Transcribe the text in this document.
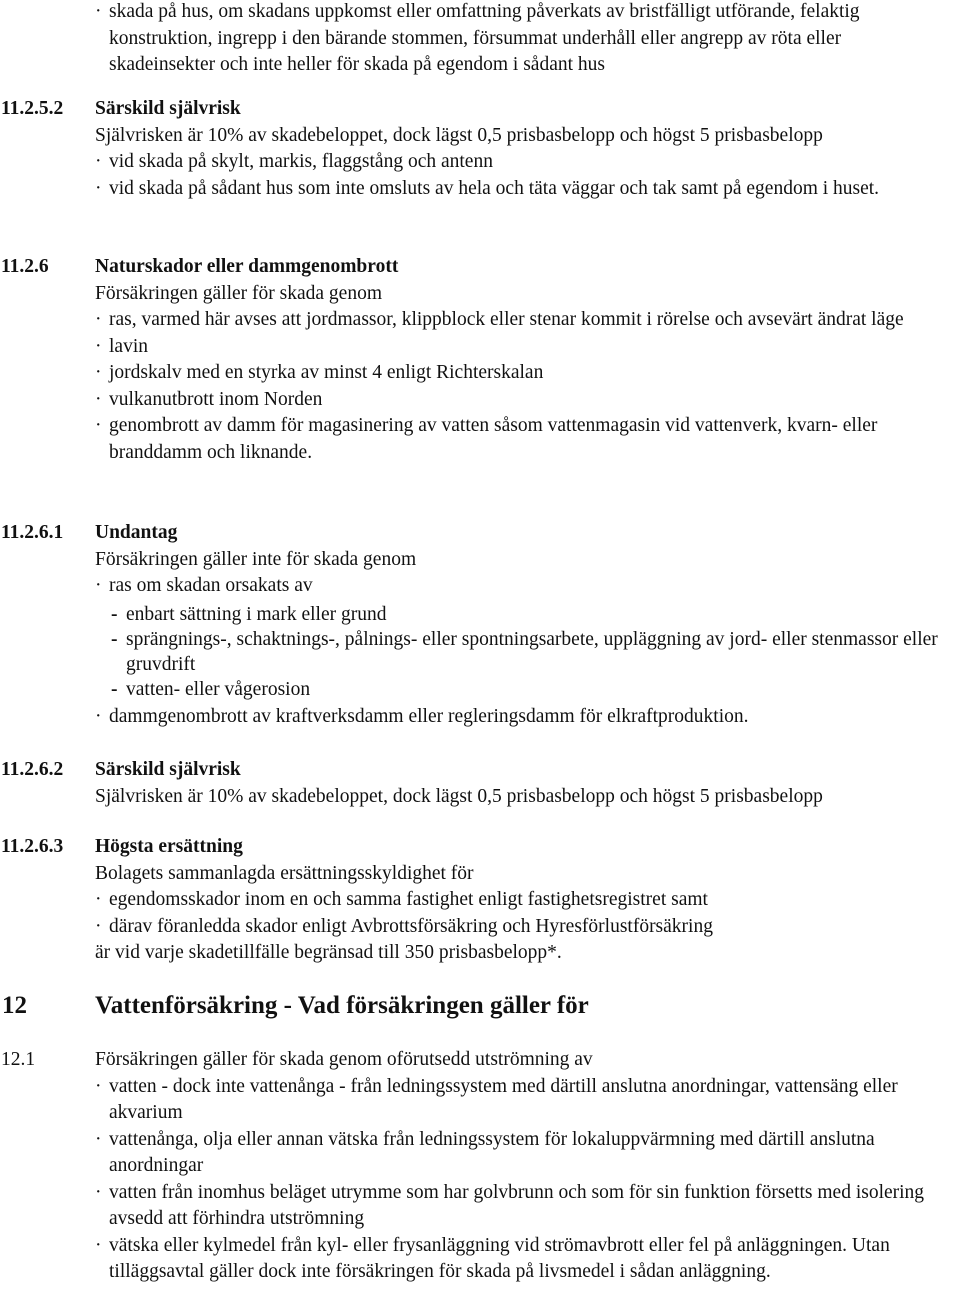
· skada på hus, om skadans uppkomst eller omfattning påverkats av bristfälligt utförande, felaktig konstruktion, ingrepp i den bärande stommen, försummat underhåll eller angrepp av röta eller skadeinsekter och inte heller för skada på egendom i sådant hus
11.2.5.2	Särskild självrisk
Självrisken är 10% av skadebeloppet, dock lägst 0,5 prisbasbelopp och högst 5 prisbasbelopp
· vid skada på skylt, markis, flaggstång och antenn
· vid skada på sådant hus som inte omsluts av hela och täta väggar och tak samt på egendom i huset.
11.2.6	Naturskador eller dammgenombrott
Försäkringen gäller för skada genom
· ras, varmed här avses att jordmassor, klippblock eller stenar kommit i rörelse och avsevärt ändrat läge
· lavin
· jordskalv med en styrka av minst 4 enligt Richterskalan
· vulkanutbrott inom Norden
· genombrott av damm för magasinering av vatten såsom vattenmagasin vid vattenverk, kvarn- eller branddamm och liknande.
11.2.6.1	Undantag
Försäkringen gäller inte för skada genom
· ras om skadan orsakats av
- enbart sättning i mark eller grund
- sprängnings-, schaktnings-, pålnings- eller spontningsarbete, uppläggning av jord- eller stenmassor eller gruvdrift
- vatten- eller vågerosion
· dammgenombrott av kraftverksdamm eller regleringsdamm för elkraftproduktion.
11.2.6.2	Särskild självrisk
Självrisken är 10% av skadebeloppet, dock lägst 0,5 prisbasbelopp och högst 5 prisbasbelopp
11.2.6.3	Högsta ersättning
Bolagets sammanlagda ersättningsskyldighet för
· egendomsskador inom en och samma fastighet enligt fastighetsregistret samt
· därav föranledda skador enligt Avbrottsförsäkring och Hyresförlustförsäkring
är vid varje skadetillfälle begränsad till 350 prisbasbelopp*.
12	Vattenförsäkring - Vad försäkringen gäller för
12.1	Försäkringen gäller för skada genom oförutsedd utströmning av
· vatten - dock inte vattenånga - från ledningssystem med därtill anslutna anordningar, vattensäng eller akvarium
· vattenånga, olja eller annan vätska från ledningssystem för lokaluppvärmning med därtill anslutna anordningar
· vatten från inomhus beläget utrymme som har golvbrunn och som för sin funktion försetts med isolering avsedd att förhindra utströmning
· vätska eller kylmedel från kyl- eller frysanläggning vid strömavbrott eller fel på anläggningen. Utan tilläggsavtal gäller dock inte försäkringen för skada på livsmedel i sådan anläggning.
